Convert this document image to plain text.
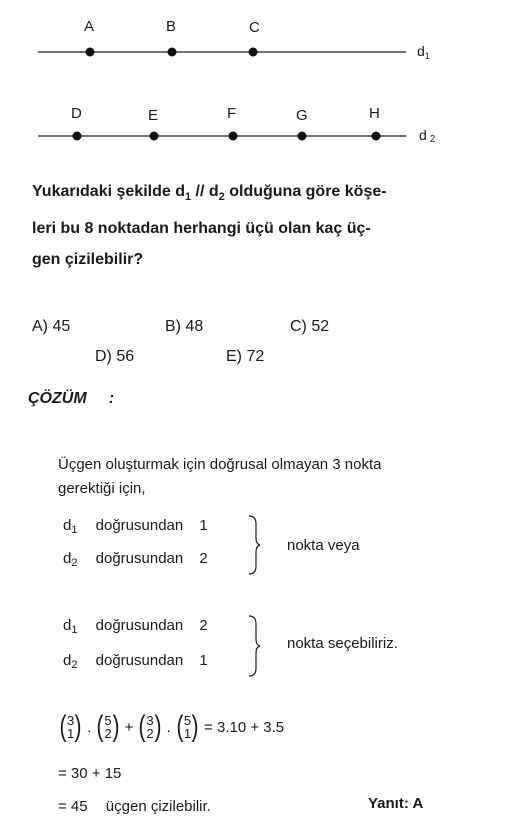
A	B	C
D	E	F	G	H
$d_1$
d 2
Yukarıdaki şekilde $d_1 // d_2$ olduğuna göre köşe-
leri bu 8 noktadan herhangi üçü olan kaç üç-
gen çizilebilir?
A) 45	B) 48	C) 52
D) 56	E) 72
ÇÖZÜM     :
Üçgen oluşturmak için doğrusal olmayan 3 nokta
gerektiği için,
$d_1$ doğrusundan 1
$d_2$ doğrusundan 2
nokta veya
$d_1$ doğrusundan 2
$d_2$ doğrusundan 1
nokta seçebiliriz.
( 3
1 ) . ( 5
2 ) + ( 3
2 ) . ( 5
1 ) = 3.10 + 3.5
= 30 + 15
= 45 üçgen çizilebilir.	Yanıt: A
